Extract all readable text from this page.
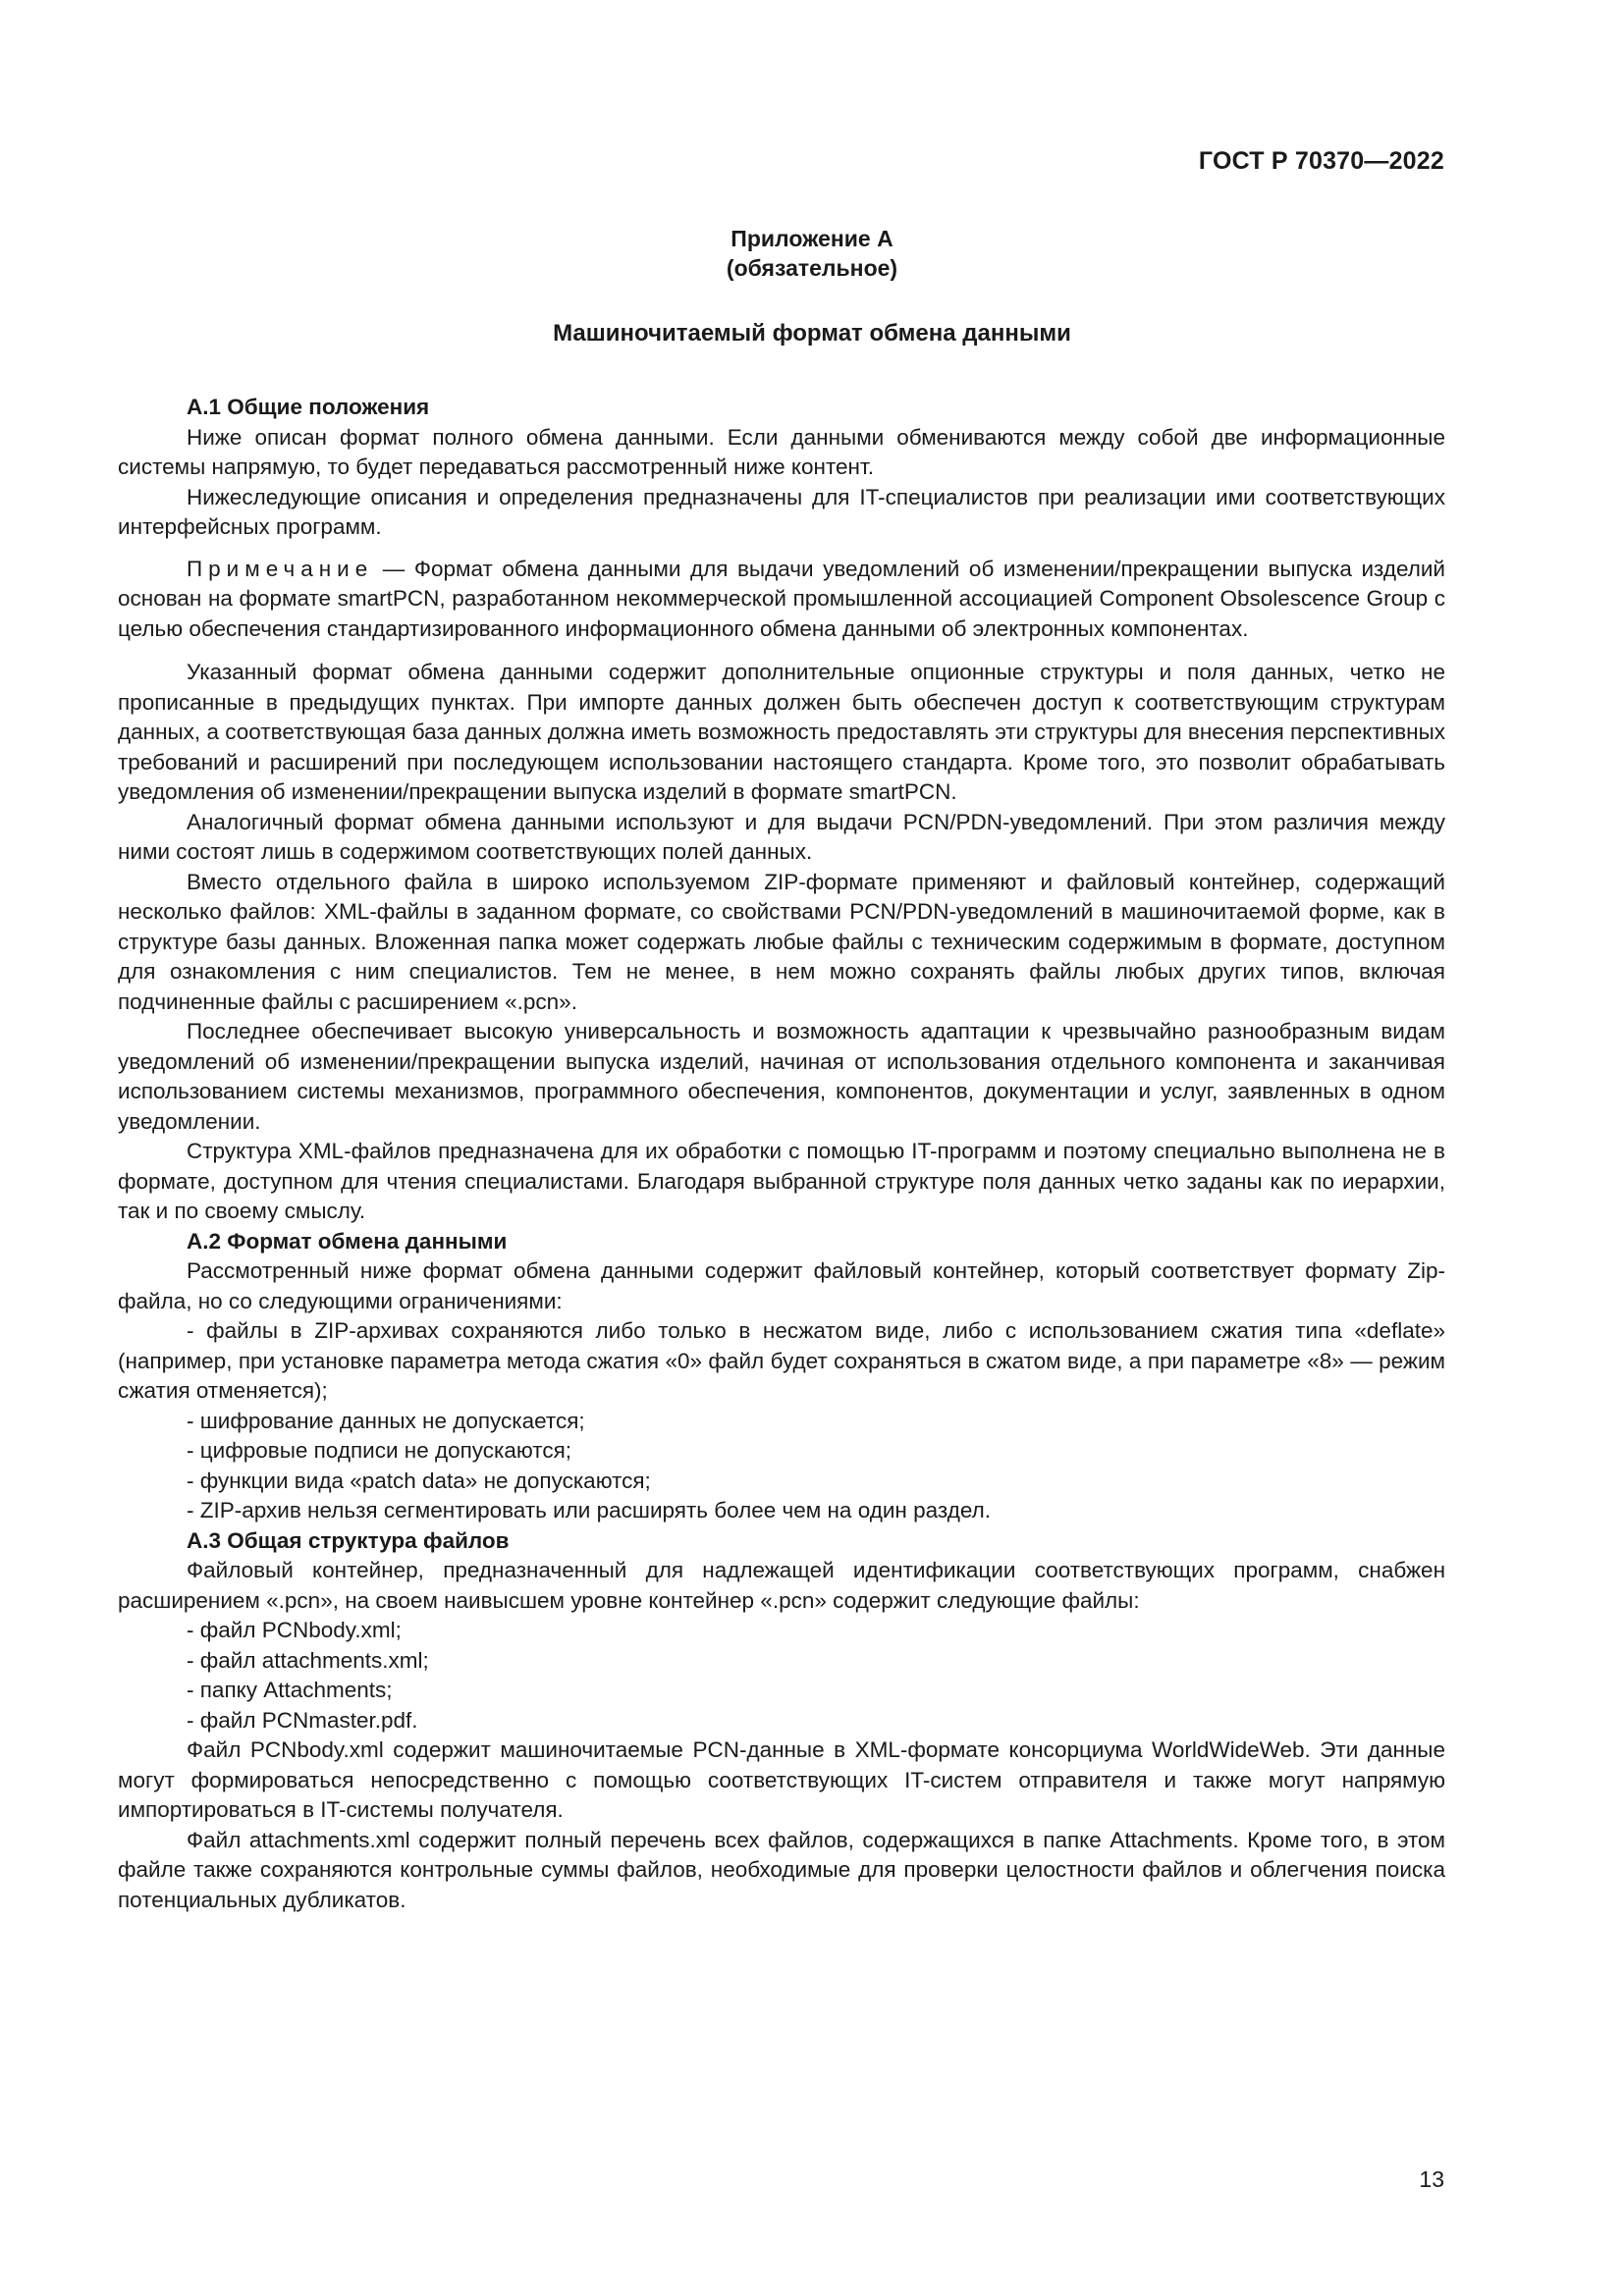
ГОСТ Р 70370—2022
Приложение А
(обязательное)
Машиночитаемый формат обмена данными

А.1 Общие положения

Ниже описан формат полного обмена данными. Если данными обмениваются между собой две информационные системы напрямую, то будет передаваться рассмотренный ниже контент.

Нижеследующие описания и определения предназначены для IT-специалистов при реализации ими соответствующих интерфейсных программ.

Примечание — Формат обмена данными для выдачи уведомлений об изменении/прекращении выпуска изделий основан на формате smartPCN, разработанном некоммерческой промышленной ассоциацией Component Obsolescence Group с целью обеспечения стандартизированного информационного обмена данными об электронных компонентах.

Указанный формат обмена данными содержит дополнительные опционные структуры и поля данных, четко не прописанные в предыдущих пунктах. При импорте данных должен быть обеспечен доступ к соответствующим структурам данных, а соответствующая база данных должна иметь возможность предоставлять эти структуры для внесения перспективных требований и расширений при последующем использовании настоящего стандарта. Кроме того, это позволит обрабатывать уведомления об изменении/прекращении выпуска изделий в формате smartPCN.

Аналогичный формат обмена данными используют и для выдачи PCN/PDN-уведомлений. При этом различия между ними состоят лишь в содержимом соответствующих полей данных.

Вместо отдельного файла в широко используемом ZIP-формате применяют и файловый контейнер, содержащий несколько файлов: XML-файлы в заданном формате, со свойствами PCN/PDN-уведомлений в машиночитаемой форме, как в структуре базы данных. Вложенная папка может содержать любые файлы с техническим содержимым в формате, доступном для ознакомления с ним специалистов. Тем не менее, в нем можно сохранять файлы любых других типов, включая подчиненные файлы с расширением «.pcn».

Последнее обеспечивает высокую универсальность и возможность адаптации к чрезвычайно разнообразным видам уведомлений об изменении/прекращении выпуска изделий, начиная от использования отдельного компонента и заканчивая использованием системы механизмов, программного обеспечения, компонентов, документации и услуг, заявленных в одном уведомлении.

Структура XML-файлов предназначена для их обработки с помощью IT-программ и поэтому специально выполнена не в формате, доступном для чтения специалистами. Благодаря выбранной структуре поля данных четко заданы как по иерархии, так и по своему смыслу.

А.2 Формат обмена данными

Рассмотренный ниже формат обмена данными содержит файловый контейнер, который соответствует формату Zip-файла, но со следующими ограничениями:

- файлы в ZIP-архивах сохраняются либо только в несжатом виде, либо с использованием сжатия типа «deflate» (например, при установке параметра метода сжатия «0» файл будет сохраняться в сжатом виде, а при параметре «8» — режим сжатия отменяется);

- шифрование данных не допускается;
- цифровые подписи не допускаются;
- функции вида «patch data» не допускаются;
- ZIP-архив нельзя сегментировать или расширять более чем на один раздел.

А.3 Общая структура файлов

Файловый контейнер, предназначенный для надлежащей идентификации соответствующих программ, снабжен расширением «.pcn», на своем наивысшем уровне контейнер «.pcn» содержит следующие файлы:

- файл PCNbody.xml;
- файл attachments.xml;
- папку Attachments;
- файл PCNmaster.pdf.

Файл PCNbody.xml содержит машиночитаемые PCN-данные в XML-формате консорциума WorldWideWeb. Эти данные могут формироваться непосредственно с помощью соответствующих IT-систем отправителя и также могут напрямую импортироваться в IT-системы получателя.

Файл attachments.xml содержит полный перечень всех файлов, содержащихся в папке Attachments. Кроме того, в этом файле также сохраняются контрольные суммы файлов, необходимые для проверки целостности файлов и облегчения поиска потенциальных дубликатов.

13
